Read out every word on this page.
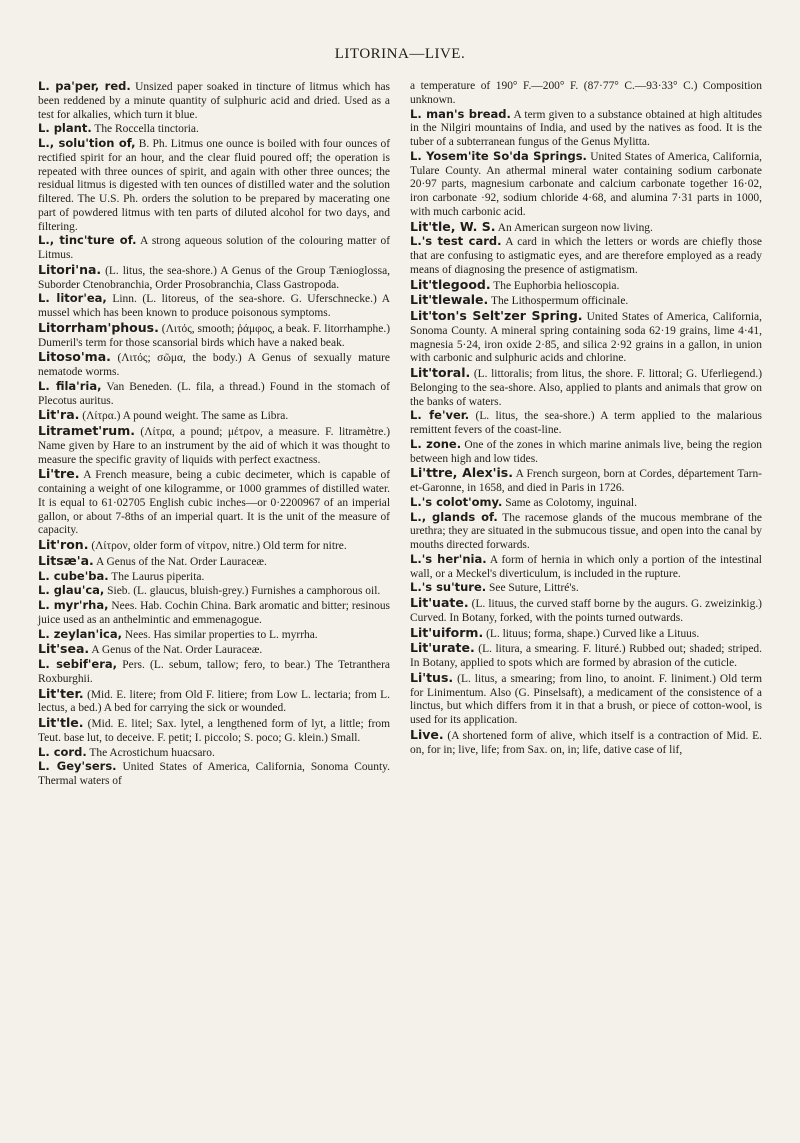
LITORINA—LIVE.

L. pa'per, red. Unsized paper soaked in tincture of litmus which has been reddened by a minute quantity of sulphuric acid and dried. Used as a test for alkalies, which turn it blue.

L. plant. The Roccella tinctoria.

L., solu'tion of, B. Ph. Litmus one ounce is boiled with four ounces of rectified spirit for an hour, and the clear fluid poured off; the operation is repeated with three ounces of spirit, and again with other three ounces; the residual litmus is digested with ten ounces of distilled water and the solution filtered. The U.S. Ph. orders the solution to be prepared by macerating one part of powdered litmus with ten parts of diluted alcohol for two days, and filtering.

L., tinc'ture of. A strong aqueous solution of the colouring matter of Litmus.

Litori'na. (L. litus, the sea-shore.) A Genus of the Group Tænioglossa, Suborder Ctenobranchia, Order Prosobranchia, Class Gastropoda.

L. litor'ea, Linn. (L. litoreus, of the sea-shore. G. Uferschnecke.) A mussel which has been known to produce poisonous symptoms.

Litorrham'phous. (Λιτός, smooth; ῥάμφος, a beak. F. litorrhamphe.) Dumeril's term for those scansorial birds which have a naked beak.

Litoso'ma. (Λιτός; σῶμα, the body.) A Genus of sexually mature nematode worms.

L. fila'ria, Van Beneden. (L. fila, a thread.) Found in the stomach of Plecotus auritus.

Lit'ra. (Λίτρα.) A pound weight. The same as Libra.

Litramet'rum. (Λίτρα, a pound; μέτρον, a measure. F. litramètre.) Name given by Hare to an instrument by the aid of which it was thought to measure the specific gravity of liquids with perfect exactness.

Li'tre. A French measure, being a cubic decimeter, which is capable of containing a weight of one kilogramme, or 1000 grammes of distilled water. It is equal to 61·02705 English cubic inches—or 0·2200967 of an imperial gallon, or about 7-8ths of an imperial quart. It is the unit of the measure of capacity.

Lit'ron. (Λίτρον, older form of νίτρον, nitre.) Old term for nitre.

Litsæ'a. A Genus of the Nat. Order Lauraceæ.

L. cube'ba. The Laurus piperita.

L. glau'ca, Sieb. (L. glaucus, bluish-grey.) Furnishes a camphorous oil.

L. myr'rha, Nees. Hab. Cochin China. Bark aromatic and bitter; resinous juice used as an anthelmintic and emmenagogue.

L. zeylan'ica, Nees. Has similar properties to L. myrrha.

Lit'sea. A Genus of the Nat. Order Lauraceæ.

L. sebif'era, Pers. (L. sebum, tallow; fero, to bear.) The Tetranthera Roxburghii.

Lit'ter. (Mid. E. litere; from Old F. litiere; from Low L. lectaria; from L. lectus, a bed.) A bed for carrying the sick or wounded.

Lit'tle. (Mid. E. litel; Sax. lytel, a lengthened form of lyt, a little; from Teut. base lut, to deceive. F. petit; I. piccolo; S. poco; G. klein.) Small.

L. cord. The Acrostichum huacsaro.

L. Gey'sers. United States of America, California, Sonoma County. Thermal waters of

a temperature of 190° F.—200° F. (87·77° C.—93·33° C.) Composition unknown.

L. man's bread. A term given to a substance obtained at high altitudes in the Nilgiri mountains of India, and used by the natives as food. It is the tuber of a subterranean fungus of the Genus Mylitta.

L. Yosem'ite So'da Springs. United States of America, California, Tulare County. An athermal mineral water containing sodium carbonate 20·97 parts, magnesium carbonate and calcium carbonate together 16·02, iron carbonate ·92, sodium chloride 4·68, and alumina 7·31 parts in 1000, with much carbonic acid.

Lit'tle, W. S. An American surgeon now living.

L.'s test card. A card in which the letters or words are chiefly those that are confusing to astigmatic eyes, and are therefore employed as a ready means of diagnosing the presence of astigmatism.

Lit'tlegood. The Euphorbia helioscopia.

Lit'tlewale. The Lithospermum officinale.

Lit'ton's Selt'zer Spring. United States of America, California, Sonoma County. A mineral spring containing soda 62·19 grains, lime 4·41, magnesia 5·24, iron oxide 2·85, and silica 2·92 grains in a gallon, in union with carbonic and sulphuric acids and chlorine.

Lit'toral. (L. littoralis; from litus, the shore. F. littoral; G. Uferliegend.) Belonging to the sea-shore. Also, applied to plants and animals that grow on the banks of waters.

L. fe'ver. (L. litus, the sea-shore.) A term applied to the malarious remittent fevers of the coast-line.

L. zone. One of the zones in which marine animals live, being the region between high and low tides.

Li'ttre, Alex'is. A French surgeon, born at Cordes, département Tarn-et-Garonne, in 1658, and died in Paris in 1726.

L.'s colot'omy. Same as Colotomy, inguinal.

L., glands of. The racemose glands of the mucous membrane of the urethra; they are situated in the submucous tissue, and open into the canal by mouths directed forwards.

L.'s her'nia. A form of hernia in which only a portion of the intestinal wall, or a Meckel's diverticulum, is included in the rupture.

L.'s su'ture. See Suture, Littré's.

Lit'uate. (L. lituus, the curved staff borne by the augurs. G. zweizinkig.) Curved. In Botany, forked, with the points turned outwards.

Lit'uiform. (L. lituus; forma, shape.) Curved like a Lituus.

Lit'urate. (L. litura, a smearing. F. lituré.) Rubbed out; shaded; striped. In Botany, applied to spots which are formed by abrasion of the cuticle.

Li'tus. (L. litus, a smearing; from lino, to anoint. F. liniment.) Old term for Linimentum. Also (G. Pinselsaft), a medicament of the consistence of a linctus, but which differs from it in that a brush, or piece of cotton-wool, is used for its application.

Live. (A shortened form of alive, which itself is a contraction of Mid. E. on, for in; live, life; from Sax. on, in; life, dative case of lif,
